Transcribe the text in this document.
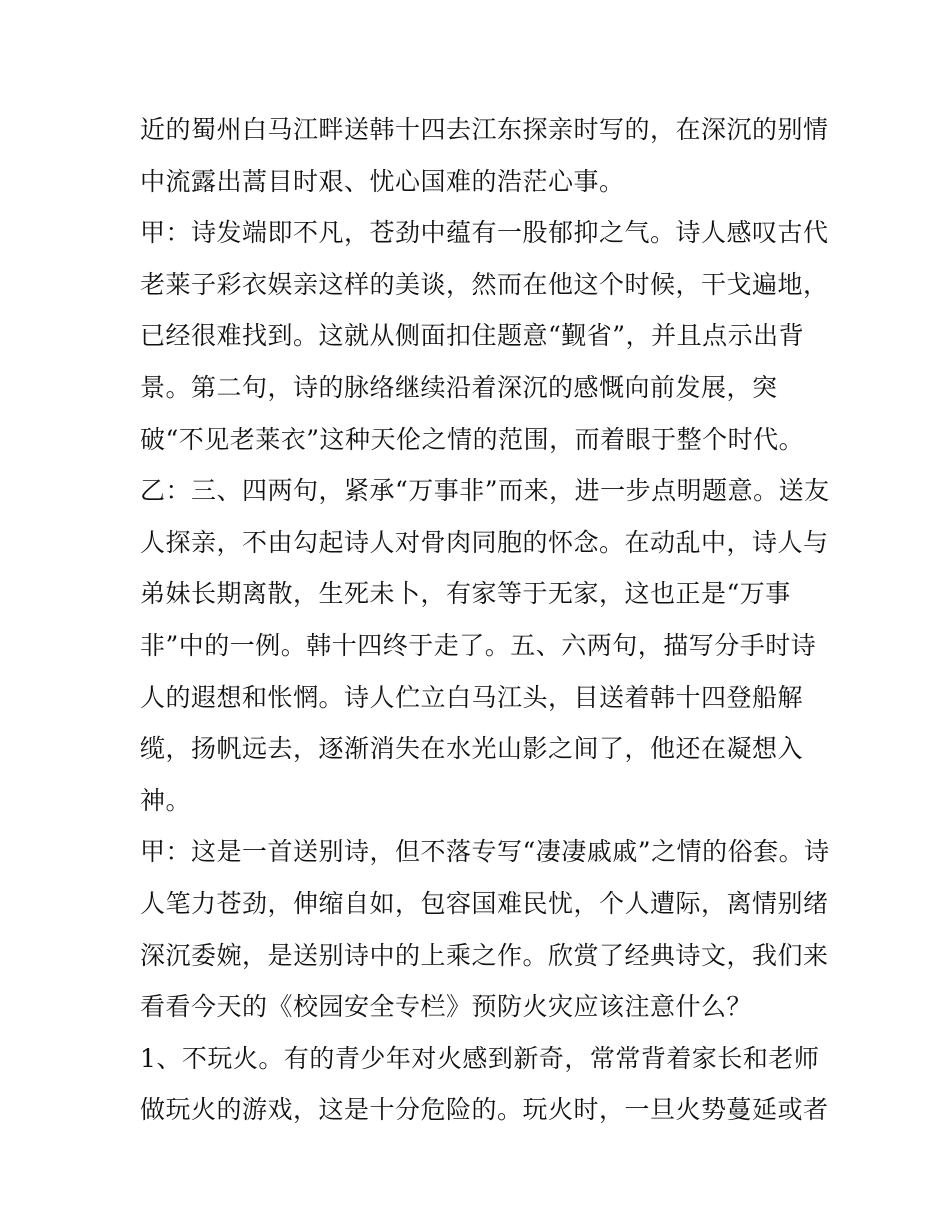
近的蜀州白马江畔送韩十四去江东探亲时写的，在深沉的别情
中流露出蒿目时艰、忧心国难的浩茫心事。
甲：诗发端即不凡，苍劲中蕴有一股郁抑之气。诗人感叹古代
老莱子彩衣娱亲这样的美谈，然而在他这个时候，干戈遍地，
已经很难找到。这就从侧面扣住题意“觐省”，并且点示出背
景。第二句，诗的脉络继续沿着深沉的感慨向前发展，突
破“不见老莱衣”这种天伦之情的范围，而着眼于整个时代。
乙：三、四两句，紧承“万事非”而来，进一步点明题意。送友
人探亲，不由勾起诗人对骨肉同胞的怀念。在动乱中，诗人与
弟妹长期离散，生死未卜，有家等于无家，这也正是“万事
非”中的一例。韩十四终于走了。五、六两句，描写分手时诗
人的遐想和怅惘。诗人伫立白马江头，目送着韩十四登船解
缆，扬帆远去，逐渐消失在水光山影之间了，他还在凝想入
神。
甲：这是一首送别诗，但不落专写“凄凄戚戚”之情的俗套。诗
人笔力苍劲，伸缩自如，包容国难民忧，个人遭际，离情别绪
深沉委婉，是送别诗中的上乘之作。欣赏了经典诗文，我们来
看看今天的《校园安全专栏》预防火灾应该注意什么？
1、不玩火。有的青少年对火感到新奇，常常背着家长和老师
做玩火的游戏，这是十分危险的。玩火时，一旦火势蔓延或者
